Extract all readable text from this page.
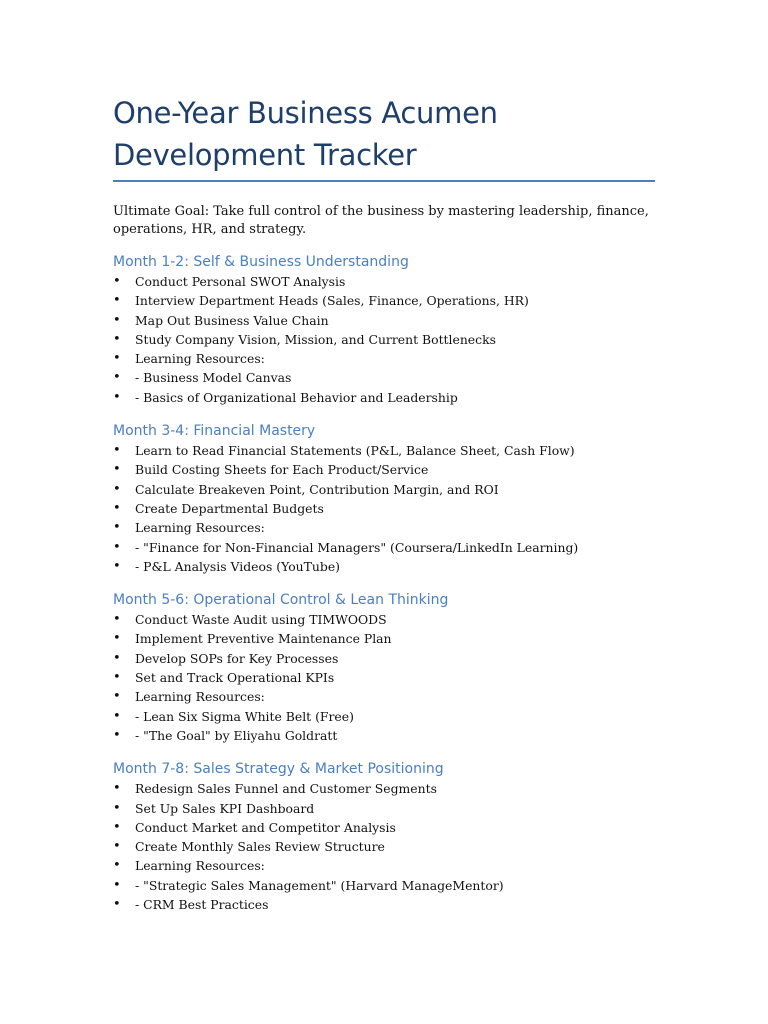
One-Year Business Acumen
Development Tracker

Ultimate Goal: Take full control of the business by mastering leadership, finance, operations, HR, and strategy.

Month 1-2: Self & Business Understanding
• Conduct Personal SWOT Analysis
• Interview Department Heads (Sales, Finance, Operations, HR)
• Map Out Business Value Chain
• Study Company Vision, Mission, and Current Bottlenecks
• Learning Resources:
• - Business Model Canvas
• - Basics of Organizational Behavior and Leadership
Month 3-4: Financial Mastery
• Learn to Read Financial Statements (P&L, Balance Sheet, Cash Flow)
• Build Costing Sheets for Each Product/Service
• Calculate Breakeven Point, Contribution Margin, and ROI
• Create Departmental Budgets
• Learning Resources:
• - "Finance for Non-Financial Managers" (Coursera/LinkedIn Learning)
• - P&L Analysis Videos (YouTube)
Month 5-6: Operational Control & Lean Thinking
• Conduct Waste Audit using TIMWOODS
• Implement Preventive Maintenance Plan
• Develop SOPs for Key Processes
• Set and Track Operational KPIs
• Learning Resources:
• - Lean Six Sigma White Belt (Free)
• - "The Goal" by Eliyahu Goldratt
Month 7-8: Sales Strategy & Market Positioning
• Redesign Sales Funnel and Customer Segments
• Set Up Sales KPI Dashboard
• Conduct Market and Competitor Analysis
• Create Monthly Sales Review Structure
• Learning Resources:
• - "Strategic Sales Management" (Harvard ManageMentor)
• - CRM Best Practices
